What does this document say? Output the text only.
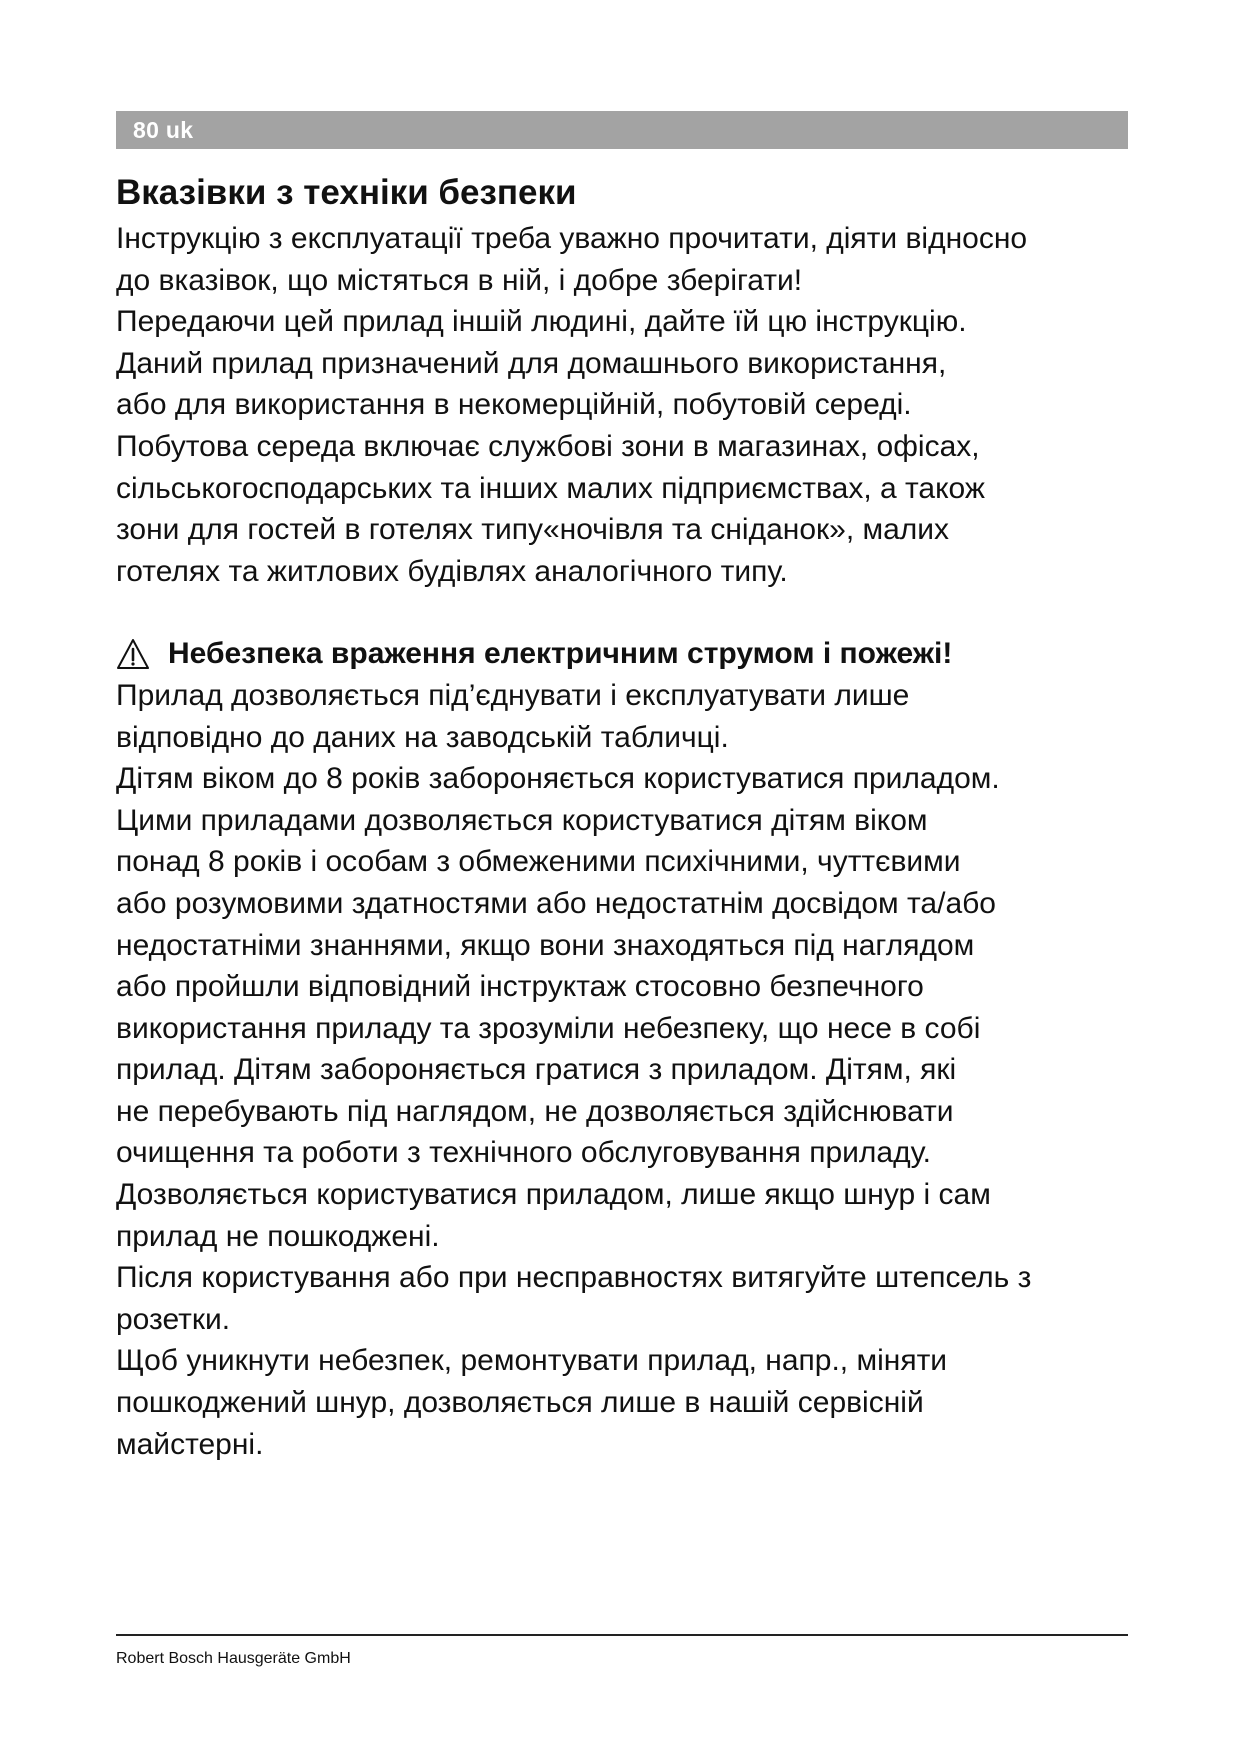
80 uk
Вказівки з техніки безпеки

Інструкцію з експлуатації треба уважно прочитати, діяти відносно

до вказівок, що містяться в ній, і добре зберігати!

Передаючи цей прилад іншій людині, дайте їй цю інструкцію.

Даний прилад призначений для домашнього використання,

або для використання в некомерційній, побутовій середі.

Побутова середа включає службові зони в магазинах, офісах,

сільськогосподарських та інших малих підприємствах, а також

зони для гостей в готелях типу«ночівля та сніданок», малих

готелях та житлових будівлях аналогічного типу.

Небезпека враження електричним струмом і пожежі!

Прилад дозволяється під’єднувати і експлуатувати лише

відповідно до даних на заводській табличці.

Дітям віком до 8 років забороняється користуватися приладом.

Цими приладами дозволяється користуватися дітям віком

понад 8 років і особам з обмеженими психічними, чуттєвими

або розумовими здатностями або недостатнім досвідом та/або

недостатніми знаннями, якщо вони знаходяться під наглядом

або пройшли відповідний інструктаж стосовно безпечного

використання приладу та зрозуміли небезпеку, що несе в собі

прилад. Дітям забороняється гратися з приладом. Дітям, які

не перебувають під наглядом, не дозволяється здійснювати

очищення та роботи з технічного обслуговування приладу.

Дозволяється користуватися приладом, лише якщо шнур і сам

прилад не пошкоджені.

Після користування або при несправностях витягуйте штепсель з

розетки.

Щоб уникнути небезпек, ремонтувати прилад, напр., міняти

пошкоджений шнур, дозволяється лише в нашій сервісній

майстерні.

Robert Bosch Hausgeräte GmbH
